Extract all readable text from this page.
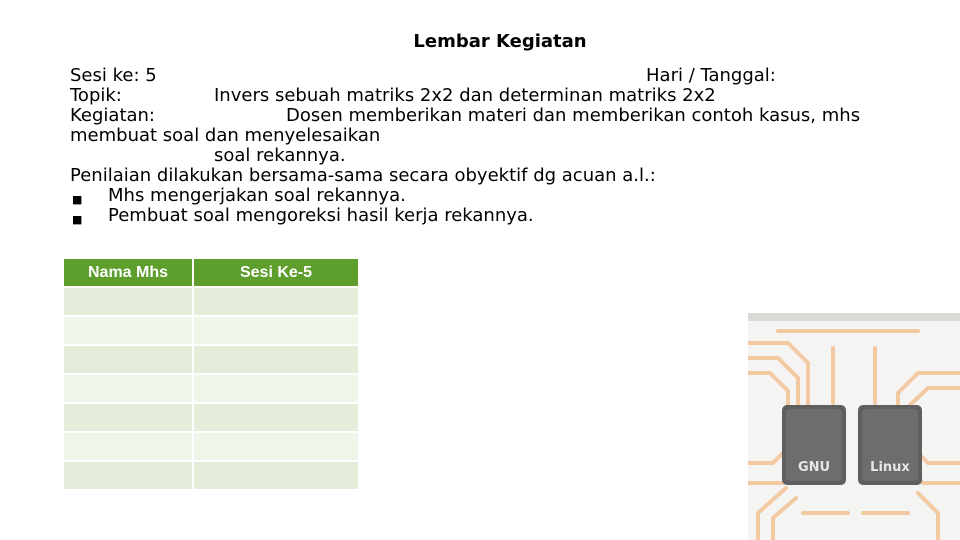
Lembar Kegiatan
Sesi ke: 5	Hari / Tanggal:
Topik:	Invers sebuah matriks 2x2 dan determinan matriks 2x2
Kegiatan:	Dosen memberikan materi dan memberikan contoh kasus, mhs
membuat soal dan menyelesaikan
soal rekannya.
Penilaian dilakukan bersama-sama secara obyektif dg acuan a.l.:
■ Mhs mengerjakan soal rekannya.
■ Pembuat soal mengoreksi hasil kerja rekannya.
Nama Mhs	Sesi Ke-5

GNU	Linux
